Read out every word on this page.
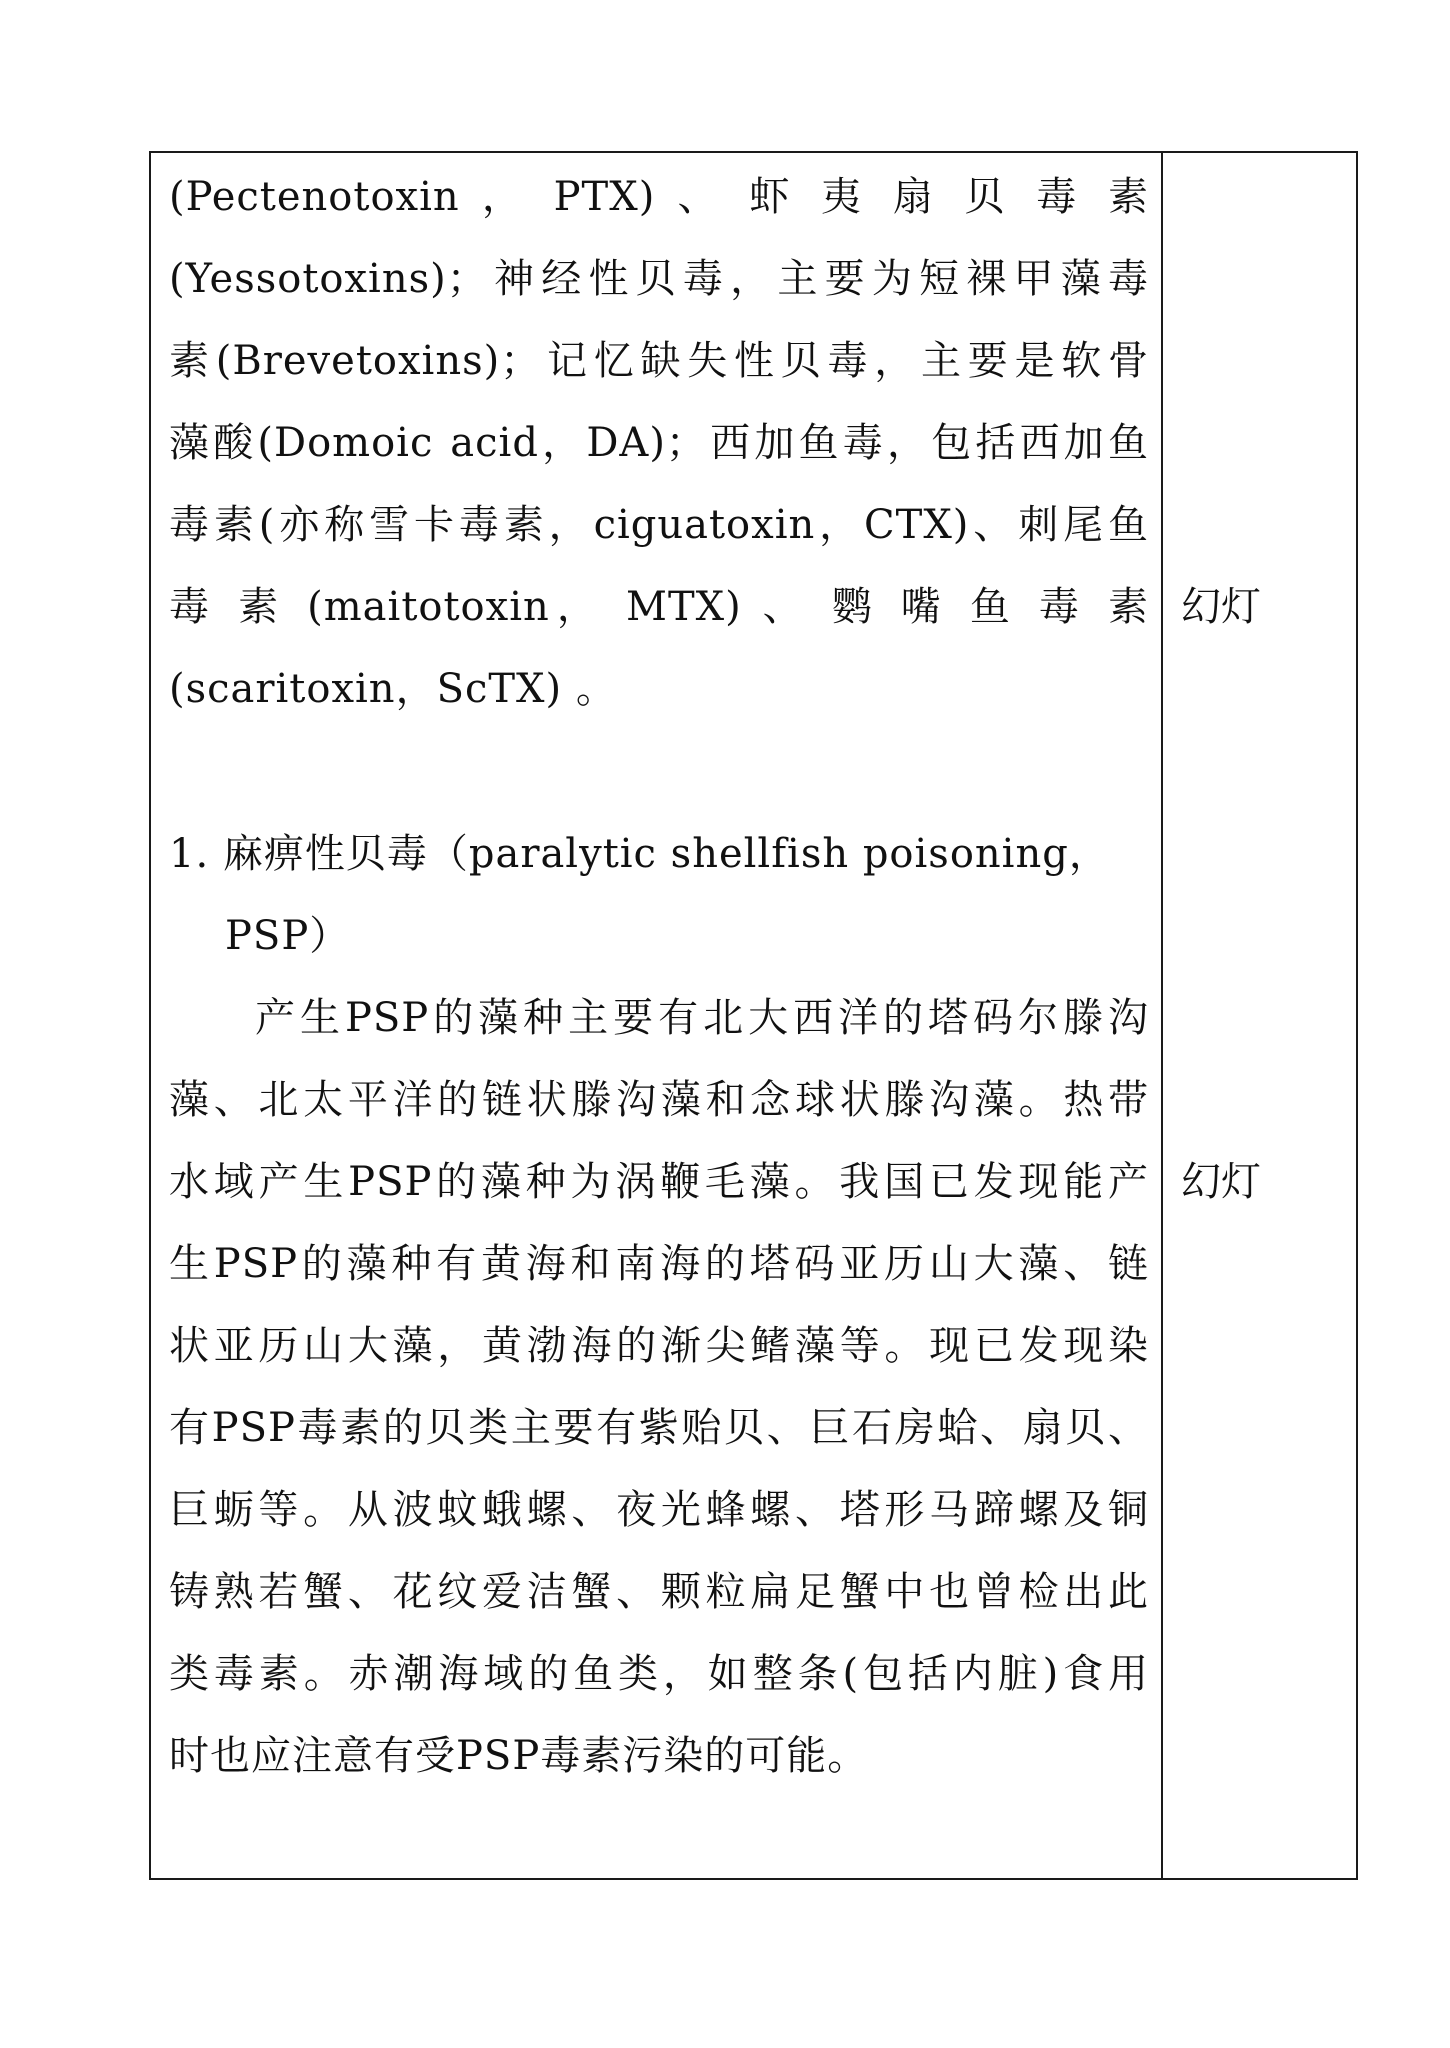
(Pectenotoxin ， PTX) 、 虾 夷 扇 贝 毒 素
(Yessotoxins)；神经性贝毒，主要为短裸甲藻毒
素(Brevetoxins)；记忆缺失性贝毒，主要是软骨
藻酸(Domoic acid，DA)；西加鱼毒，包括西加鱼
毒素(亦称雪卡毒素，ciguatoxin，CTX)、刺尾鱼
毒 素 (maitotoxin， MTX) 、 鹦 嘴 鱼 毒 素
(scaritoxin，ScTX) 。
1. 麻痹性贝毒（paralytic shellfish poisoning，
PSP）
产生PSP的藻种主要有北大西洋的塔码尔滕沟
藻、北太平洋的链状滕沟藻和念球状滕沟藻。热带
水域产生PSP的藻种为涡鞭毛藻。我国已发现能产
生PSP的藻种有黄海和南海的塔码亚历山大藻、链
状亚历山大藻，黄渤海的渐尖鳍藻等。现已发现染
有PSP毒素的贝类主要有紫贻贝、巨石房蛤、扇贝、
巨蛎等。从波蚊蛾螺、夜光蜂螺、塔形马蹄螺及铜
铸熟若蟹、花纹爱洁蟹、颗粒扁足蟹中也曾检出此
类毒素。赤潮海域的鱼类，如整条(包括内脏)食用
时也应注意有受PSP毒素污染的可能。
幻灯
幻灯
